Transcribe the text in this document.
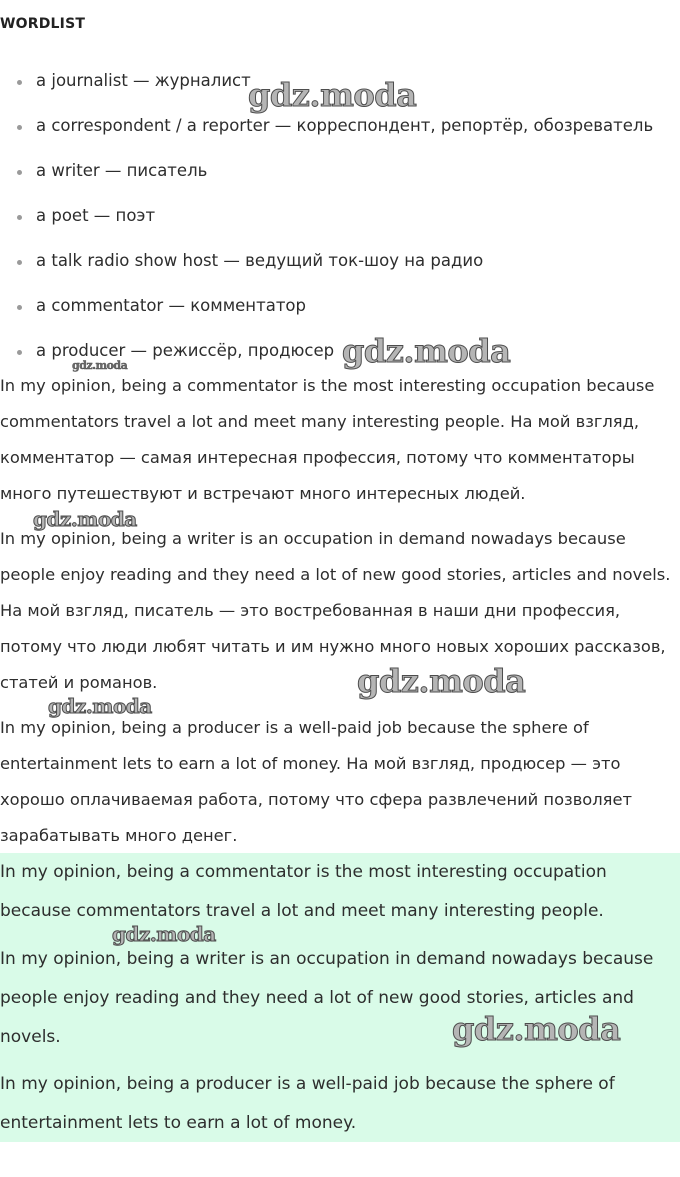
WORDLIST
a journalist — журналист
a correspondent / a reporter — корреспондент, репортёр, обозреватель
a writer — писатель
a poet — поэт
a talk radio show host — ведущий ток-шоу на радио
a commentator — комментатор
a producer — режиссёр, продюсер

In my opinion, being a commentator is the most interesting occupation because commentators travel a lot and meet many interesting people. На мой взгляд, комментатор — самая интересная профессия, потому что комментаторы много путешествуют и встречают много интересных людей.

In my opinion, being a writer is an occupation in demand nowadays because people enjoy reading and they need a lot of new good stories, articles and novels. На мой взгляд, писатель — это востребованная в наши дни профессия, потому что люди любят читать и им нужно много новых хороших рассказов, статей и романов.

In my opinion, being a producer is a well-paid job because the sphere of entertainment lets to earn a lot of money. На мой взгляд, продюсер — это хорошо оплачиваемая работа, потому что сфера развлечений позволяет зарабатывать много денег.

In my opinion, being a commentator is the most interesting occupation because commentators travel a lot and meet many interesting people.

In my opinion, being a writer is an occupation in demand nowadays because people enjoy reading and they need a lot of new good stories, articles and novels.

In my opinion, being a producer is a well-paid job because the sphere of entertainment lets to earn a lot of money.

gdz.moda
gdz.moda
gdz.moda
gdz.moda
gdz.moda
gdz.moda
gdz.moda
gdz.moda
